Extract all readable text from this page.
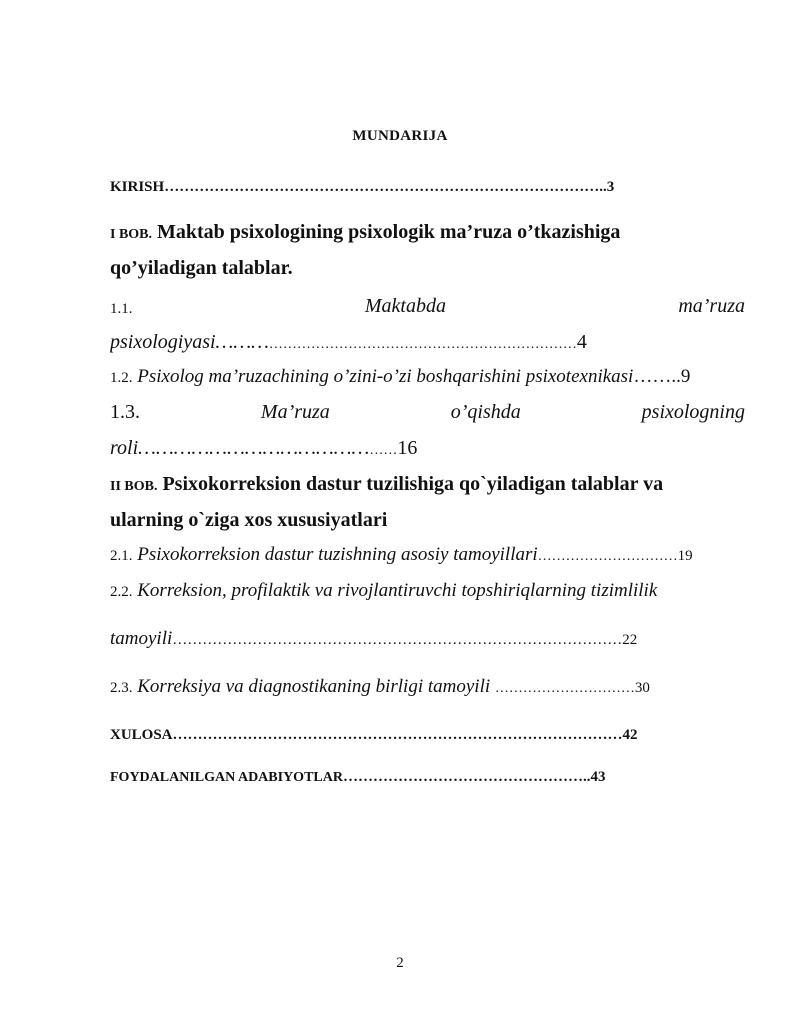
MUNDARIJA
KIRISH……………………………………………………………………………..3
I BOB. Maktab psixologining psixologik ma’ruza o’tkazishiga
qo’yiladigan talablar.
1.1.	Maktabda	ma’ruza
psixologiyasi…………………………………………………………………4
1.2. Psixolog ma’ruzachining o’zini-o’zi boshqarishini psixotexnikasi……..9
1.3.	Ma’ruza	o’qishda	psixologning
roli………………………………………16
II BOB. Psixokorreksion dastur tuzilishiga qo`yiladigan talablar va
ularning o`ziga xos xususiyatlari
2.1. Psixokorreksion dastur tuzishning asosiy tamoyillari…………………………19
2.2. Korreksion, profilaktik va rivojlantiruvchi topshiriqlarning tizimlilik
tamoyili………………………………………………………………………………22
2.3. Korreksiya va diagnostikaning birligi tamoyili …………………………30
XULOSA………………………………………………………………………………42
FOYDALANILGAN ADABIYOTLAR…………………………………………..43
2
